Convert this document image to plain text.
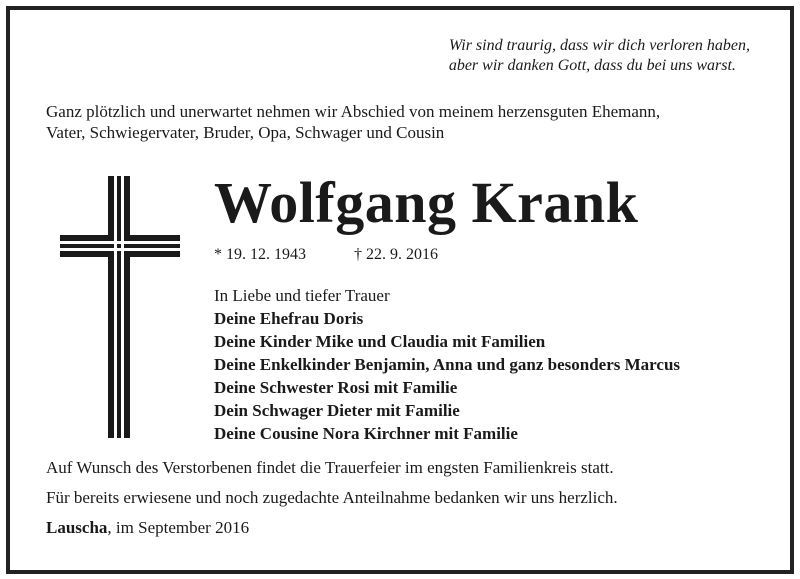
Wir sind traurig, dass wir dich verloren haben,
aber wir danken Gott, dass du bei uns warst.
Ganz plötzlich und unerwartet nehmen wir Abschied von meinem herzensguten Ehemann,
Vater, Schwiegervater, Bruder, Opa, Schwager und Cousin
Wolfgang Krank
* 19. 12. 1943	† 22. 9. 2016
In Liebe und tiefer Trauer
Deine Ehefrau Doris
Deine Kinder Mike und Claudia mit Familien
Deine Enkelkinder Benjamin, Anna und ganz besonders Marcus
Deine Schwester Rosi mit Familie
Dein Schwager Dieter mit Familie
Deine Cousine Nora Kirchner mit Familie
Auf Wunsch des Verstorbenen findet die Trauerfeier im engsten Familienkreis statt.
Für bereits erwiesene und noch zugedachte Anteilnahme bedanken wir uns herzlich.
Lauscha, im September 2016
